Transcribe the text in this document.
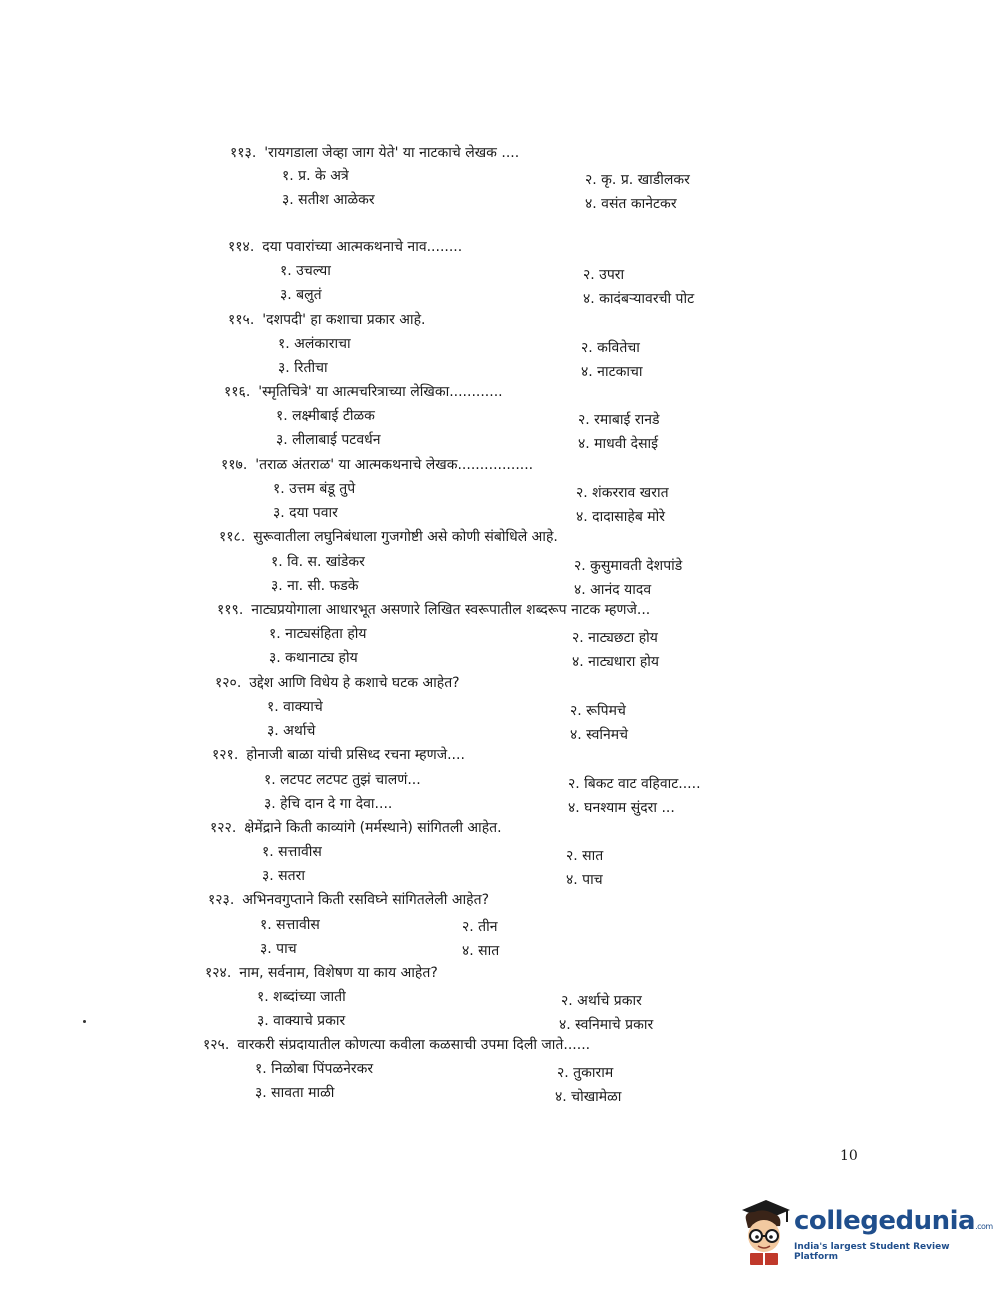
११३. 'रायगडाला जेव्हा जाग येते' या नाटकाचे लेखक ....
१. प्र. के अत्रे	२. कृ. प्र. खाडीलकर
३. सतीश आळेकर	४. वसंत कानेटकर
११४. दया पवारांच्या आत्मकथनाचे नाव........
१. उचल्या	२. उपरा
३. बलुतं	४. कादंबऱ्यावरची पोट
११५. 'दशपदी' हा कशाचा प्रकार आहे.
१. अलंकाराचा	२. कवितेचा
३. रितीचा	४. नाटकाचा
११६. 'स्मृतिचित्रे' या आत्मचरित्राच्या लेखिका............
१. लक्ष्मीबाई टीळक	२. रमाबाई रानडे
३. लीलाबाई पटवर्धन	४. माधवी देसाई
११७. 'तराळ अंतराळ' या आत्मकथनाचे लेखक.................
१. उत्तम बंडू तुपे	२. शंकरराव खरात
३. दया पवार	४. दादासाहेब मोरे
११८. सुरूवातीला लघुनिबंधाला गुजगोष्टी असे कोणी संबोधिले आहे.
१. वि. स. खांडेकर	२. कुसुमावती देशपांडे
३. ना. सी. फडके	४. आनंद यादव
११९. नाट्यप्रयोगाला आधारभूत असणारे लिखित स्वरूपातील शब्दरूप नाटक म्हणजे...
१. नाट्यसंहिता होय	२. नाट्यछटा होय
३. कथानाट्य होय	४. नाट्यधारा होय
१२०. उद्देश आणि विधेय हे कशाचे घटक आहेत?
१. वाक्याचे	२. रूपिमचे
३. अर्थाचे	४. स्वनिमचे
१२१. होनाजी बाळा यांची प्रसिध्द रचना म्हणजे....
१. लटपट लटपट तुझं चालणं...	२. बिकट वाट वहिवाट.....
३. हेचि दान दे गा देवा....	४. घनश्याम सुंदरा ...
१२२. क्षेमेंद्राने किती काव्यांगे (मर्मस्थाने) सांगितली आहेत.
१. सत्तावीस	२. सात
३. सतरा	४. पाच
१२३. अभिनवगुप्ताने किती रसविघ्ने सांगितलेली आहेत?
१. सत्तावीस	२. तीन
३. पाच	४. सात
१२४. नाम, सर्वनाम, विशेषण या काय आहेत?
१. शब्दांच्या जाती	२. अर्थाचे प्रकार
३. वाक्याचे प्रकार	४. स्वनिमाचे प्रकार
१२५. वारकरी संप्रदायातील कोणत्या कवीला कळसाची उपमा दिली जाते......
१. निळोबा पिंपळनेरकर	२. तुकाराम
३. सावता माळी	४. चोखामेळा
10
collegedunia.com
India's largest Student Review Platform
